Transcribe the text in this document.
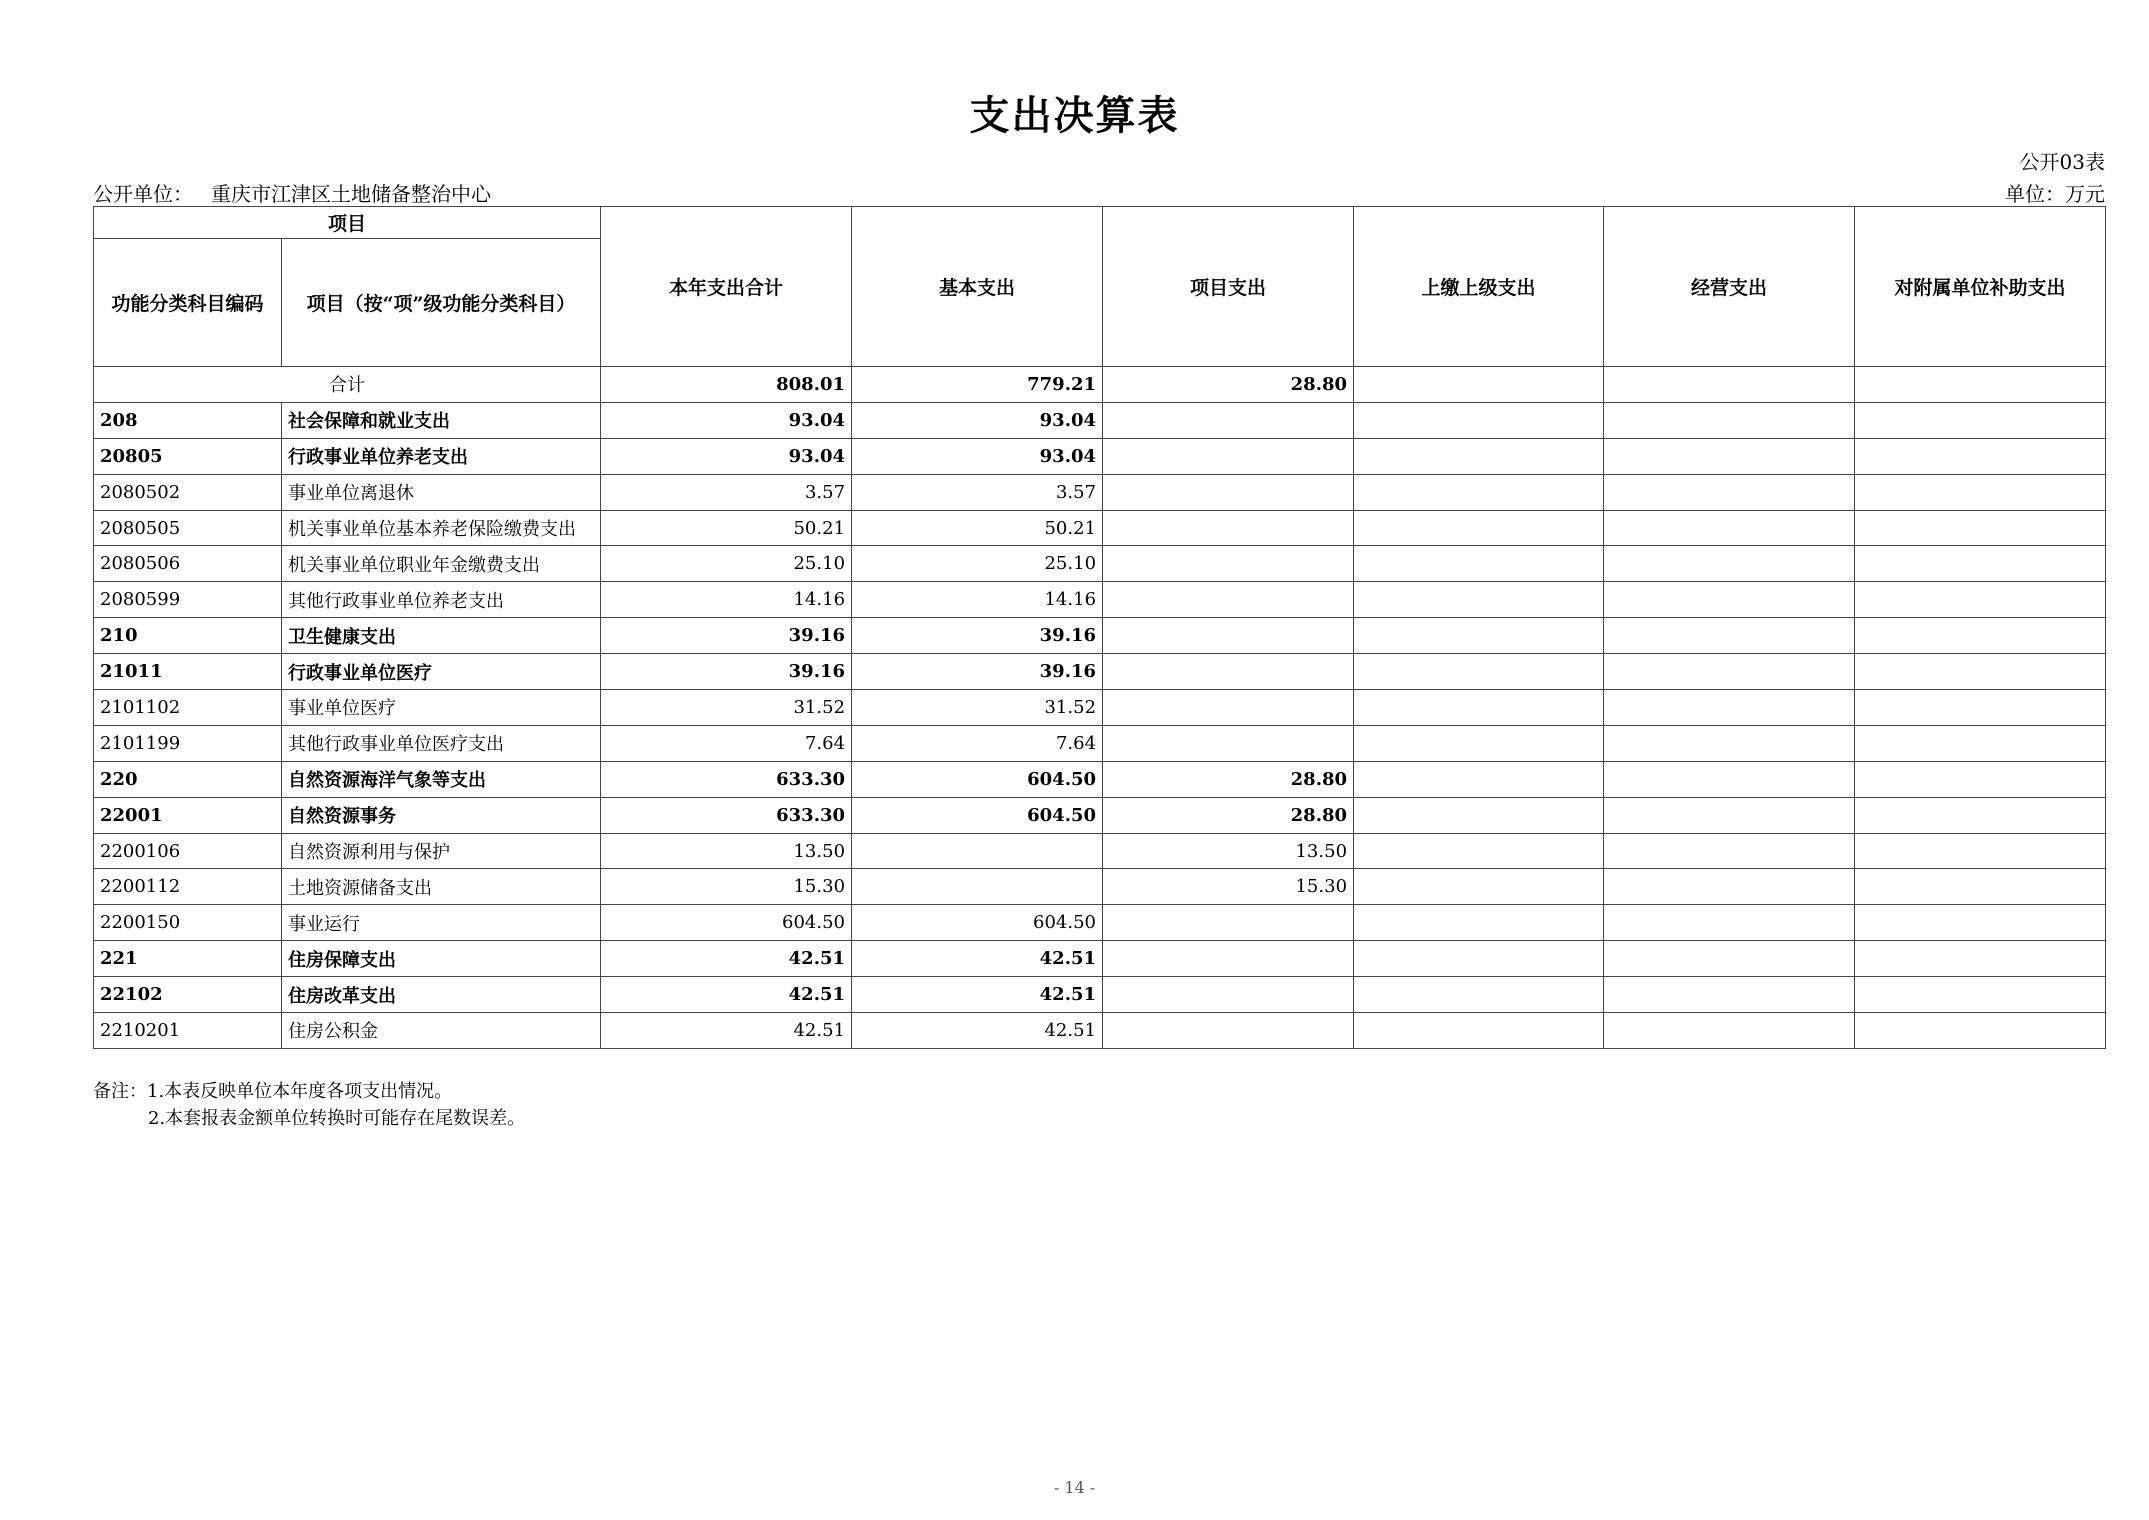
支出决算表
公开03表
公开单位： 重庆市江津区土地储备整治中心	单位：万元
项目		本年支出合计	基本支出	项目支出	上缴上级支出	经营支出	对附属单位补助支出
功能分类科目编码	项目（按“项”级功能分类科目）						
合计		808.01	779.21	28.80			
208	社会保障和就业支出	93.04	93.04				
20805	行政事业单位养老支出	93.04	93.04				
2080502	事业单位离退休	3.57	3.57				
2080505	机关事业单位基本养老保险缴费支出	50.21	50.21				
2080506	机关事业单位职业年金缴费支出	25.10	25.10				
2080599	其他行政事业单位养老支出	14.16	14.16				
210	卫生健康支出	39.16	39.16				
21011	行政事业单位医疗	39.16	39.16				
2101102	事业单位医疗	31.52	31.52				
2101199	其他行政事业单位医疗支出	7.64	7.64				
220	自然资源海洋气象等支出	633.30	604.50	28.80			
22001	自然资源事务	633.30	604.50	28.80			
2200106	自然资源利用与保护	13.50		13.50			
2200112	土地资源储备支出	15.30		15.30			
2200150	事业运行	604.50	604.50				
221	住房保障支出	42.51	42.51				
22102	住房改革支出	42.51	42.51				
2210201	住房公积金	42.51	42.51				
备注：1.本表反映单位本年度各项支出情况。
2.本套报表金额单位转换时可能存在尾数误差。
- 14 -
